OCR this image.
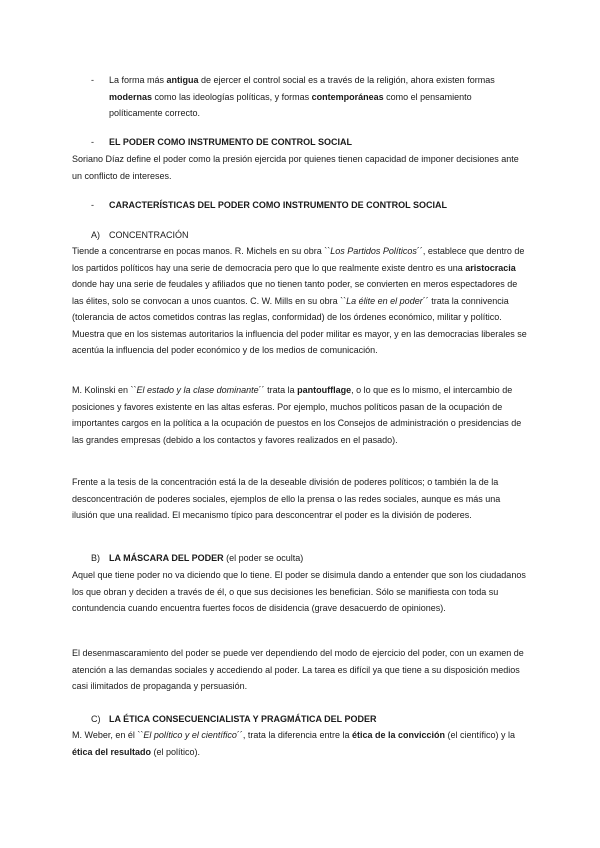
- La forma más antigua de ejercer el control social es a través de la religión, ahora existen formas modernas como las ideologías políticas, y formas contemporáneas como el pensamiento políticamente correcto.

- EL PODER COMO INSTRUMENTO DE CONTROL SOCIAL

Soriano Díaz define el poder como la presión ejercida por quienes tienen capacidad de imponer decisiones ante un conflicto de intereses.

- CARACTERÍSTICAS DEL PODER COMO INSTRUMENTO DE CONTROL SOCIAL
A) CONCENTRACIÓN

Tiende a concentrarse en pocas manos. R. Michels en su obra ``Los Partidos Políticos´´, establece que dentro de los partidos políticos hay una serie de democracia pero que lo que realmente existe dentro es una aristocracia donde hay una serie de feudales y afiliados que no tienen tanto poder, se convierten en meros espectadores de las élites, solo se convocan a unos cuantos. C. W. Mills en su obra ``La élite en el poder´´ trata la connivencia (tolerancia de actos cometidos contras las reglas, conformidad) de los órdenes económico, militar y político. Muestra que en los sistemas autoritarios la influencia del poder militar es mayor, y en las democracias liberales se acentúa la influencia del poder económico y de los medios de comunicación.

M. Kolinski en ``El estado y la clase dominante´´ trata la pantoufflage, o lo que es lo mismo, el intercambio de posiciones y favores existente en las altas esferas. Por ejemplo, muchos políticos pasan de la ocupación de importantes cargos en la política a la ocupación de puestos en los Consejos de administración o presidencias de las grandes empresas (debido a los contactos y favores realizados en el pasado).

Frente a la tesis de la concentración está la de la deseable división de poderes políticos; o también la de la desconcentración de poderes sociales, ejemplos de ello la prensa o las redes sociales, aunque es más una ilusión que una realidad. El mecanismo típico para desconcentrar el poder es la división de poderes.

B) LA MÁSCARA DEL PODER (el poder se oculta)

Aquel que tiene poder no va diciendo que lo tiene. El poder se disimula dando a entender que son los ciudadanos los que obran y deciden a través de él, o que sus decisiones les benefician. Sólo se manifiesta con toda su contundencia cuando encuentra fuertes focos de disidencia (grave desacuerdo de opiniones).

El desenmascaramiento del poder se puede ver dependiendo del modo de ejercicio del poder, con un examen de atención a las demandas sociales y accediendo al poder. La tarea es difícil ya que tiene a su disposición medios casi ilimitados de propaganda y persuasión.

C) LA ÉTICA CONSECUENCIALISTA Y PRAGMÁTICA DEL PODER

M. Weber, en él ``El político y el científico´´, trata la diferencia entre la ética de la convicción (el científico) y la ética del resultado (el político).
